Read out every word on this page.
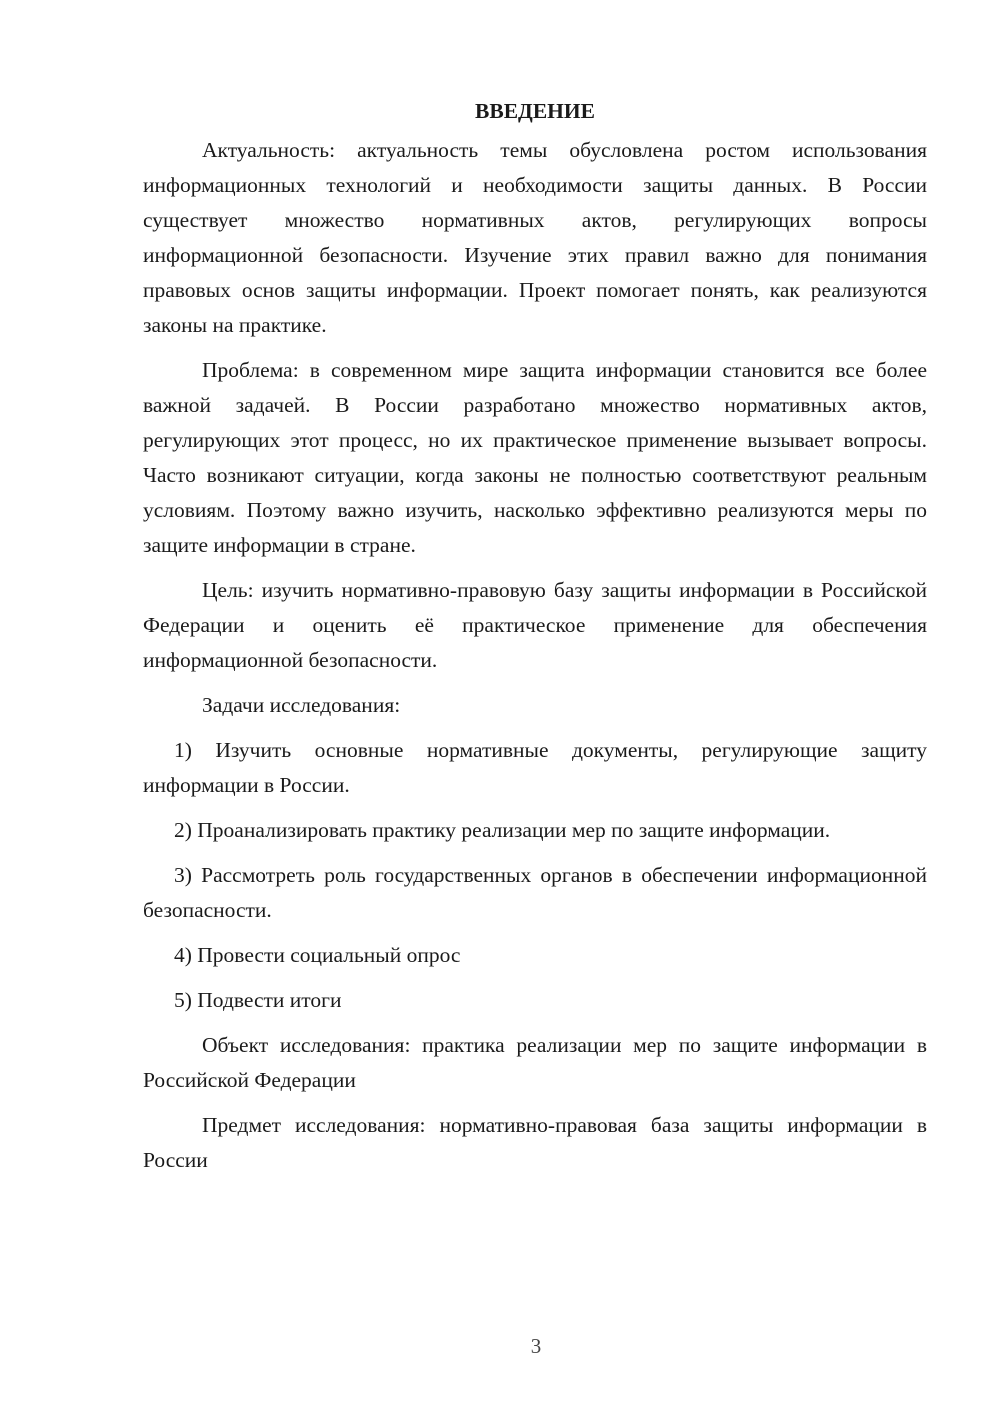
ВВЕДЕНИЕ

Актуальность: актуальность темы обусловлена ростом использования информационных технологий и необходимости защиты данных. В России существует множество нормативных актов, регулирующих вопросы информационной безопасности. Изучение этих правил важно для понимания правовых основ защиты информации. Проект помогает понять, как реализуются законы на практике.

Проблема: в современном мире защита информации становится все более важной задачей. В России разработано множество нормативных актов, регулирующих этот процесс, но их практическое применение вызывает вопросы. Часто возникают ситуации, когда законы не полностью соответствуют реальным условиям. Поэтому важно изучить, насколько эффективно реализуются меры по защите информации в стране.

Цель: изучить нормативно-правовую базу защиты информации в Российской Федерации и оценить её практическое применение для обеспечения информационной безопасности.

Задачи исследования:

1) Изучить основные нормативные документы, регулирующие защиту информации в России.

2) Проанализировать практику реализации мер по защите информации.

3) Рассмотреть роль государственных органов в обеспечении информационной безопасности.

4) Провести социальный опрос

5) Подвести итоги

Объект исследования: практика реализации мер по защите информации в Российской Федерации

Предмет исследования: нормативно-правовая база защиты информации в России

3
